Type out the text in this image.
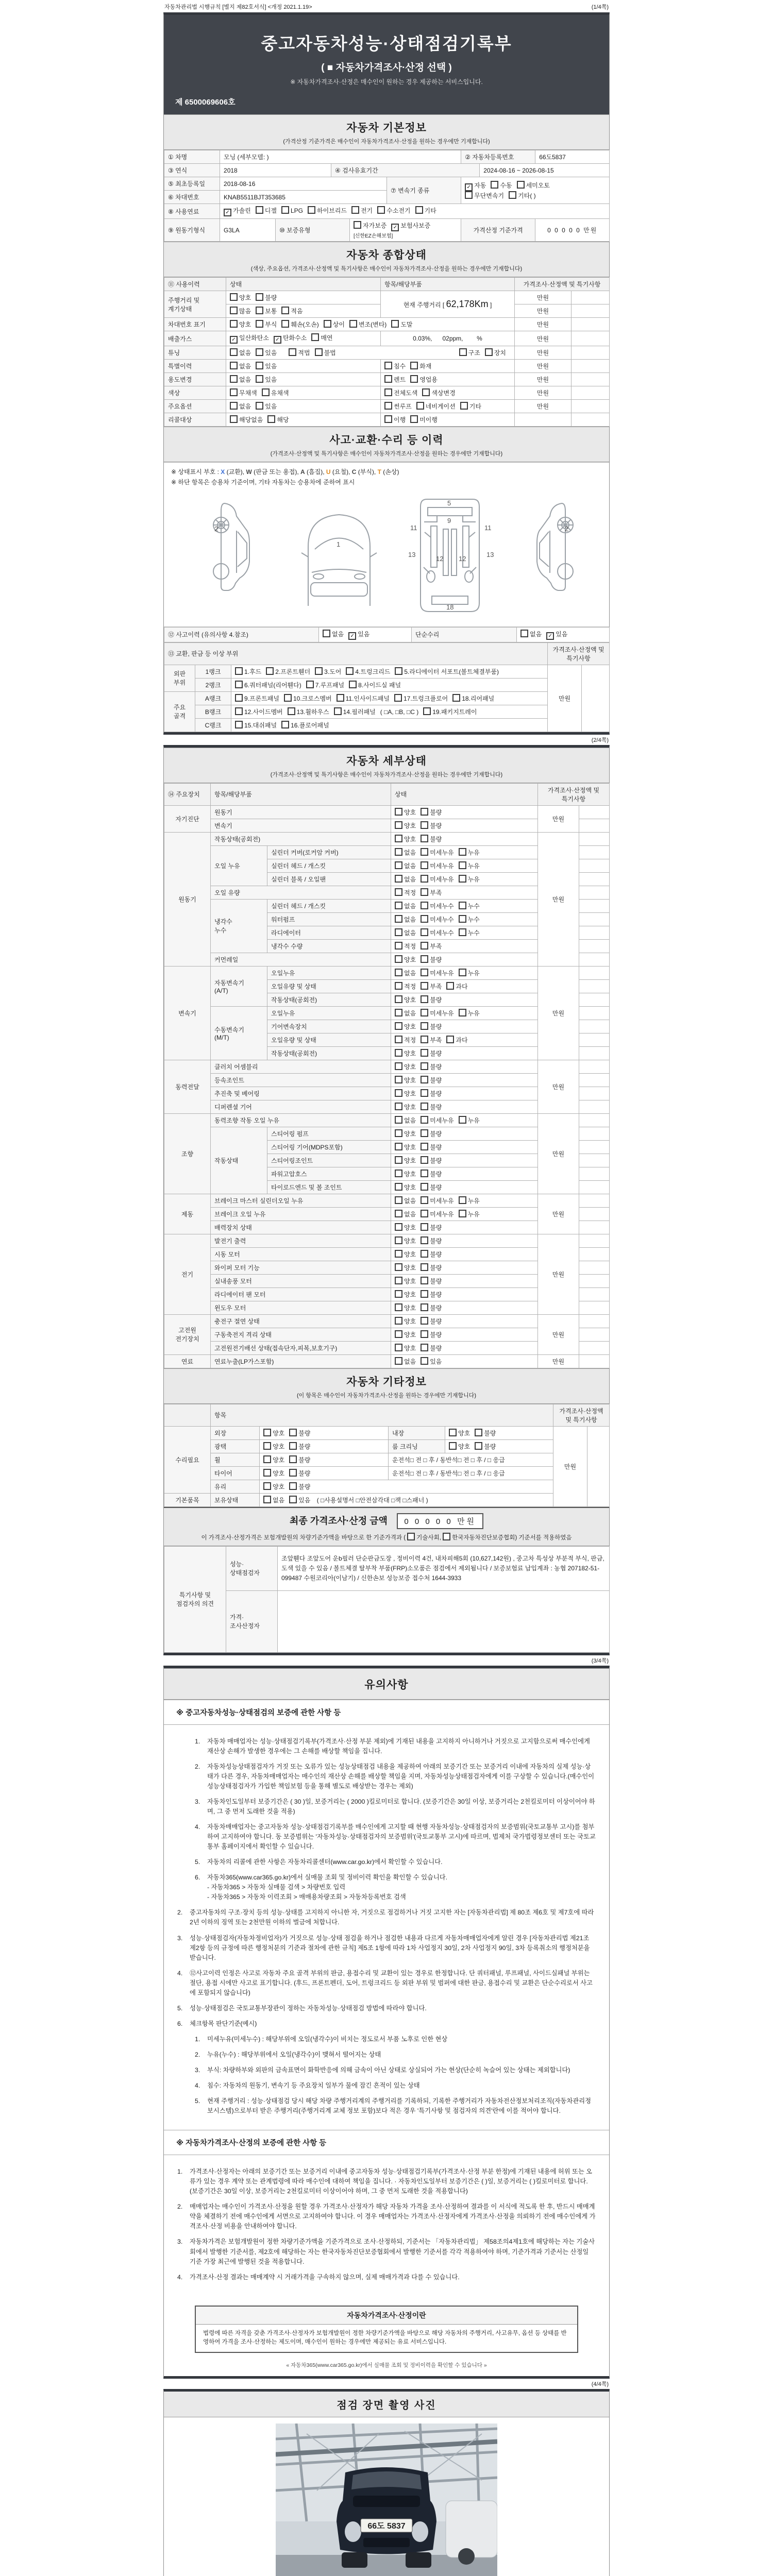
자동차관리법 시행규칙 [별지 제82호서식] <개정 2021.1.19>	(1/4쪽)
중고자동차성능·상태점검기록부
( ■ 자동차가격조사·산정 선택 )
※ 자동차가격조사·산정은 매수인이 원하는 경우 제공하는 서비스입니다.
제 6500069606호
자동차 기본정보
(가격산정 기준가격은 매수인이 자동차가격조사·산정을 원하는 경우에만 기재합니다)
① 차명	모닝 (세부모델: )					② 자동차등록번호		66도5837
③ 연식	2018		④ 검사유효기간				2024-08-16 ~ 2026-08-15	
⑤ 최초등록일	2018-08-16				⑦ 변속기 종류	✓ 자동 수동 세미오토
무단변속기 기타( )		
⑥ 차대번호	KNAB5511BJT353685							
⑧ 사용연료	✓ 가솔린 디젤 LPG 하이브리드 전기 수소전기 기타							
⑨ 원동기형식	G3LA	⑩ 보증유형		자가보증 ✓ 보험사보증 [신한EZ손해보험]		가격산정 기준가격		0 0 0 0 0 만원
자동차 종합상태
(색상, 주요옵션, 가격조사·산정액 및 특기사항은 매수인이 자동차가격조사·산정을 원하는 경우에만 기재합니다)
⑪ 사용이력	상태	항목/해당부품	가격조사·산정액 및 특기사항	
주행거리 및 계기상태	양호 불량	현재 주행거리 [ 62,178Km ]	만원	
	많음 보통 적음		만원	
차대번호 표기	양호 부식 훼손(오손) 상이 변조(변타) 도말		만원	
배출가스	✓ 일산화탄소 ✓ 탄화수소 매연	0.03%,      02ppm,        %	만원	
튜닝	없음 있음 적법 불법 구조 장치		만원	
특별이력	없음 있음	침수 화재	만원	
용도변경	없음 있음	렌트 영업용	만원	
색상	무채색 유채색	전체도색 색상변경	만원	
주요옵션	없음 있음	썬루프 네비게이션 기타	만원	
리콜대상	해당없음 해당	이행 미이행		
사고·교환·수리 등 이력
(가격조사·산정액 및 특기사항은 매수인이 자동차가격조사·산정을 원하는 경우에만 기재합니다)
※ 상태표시 부호 : X (교환), W (판금 또는 용접), A (흠집), U (요철), C (부식), T (손상)
※ 하단 항목은 승용차 기준이며, 기타 자동차는 승용차에 준하여 표시
2
1
5
9
11	11
13
12 12
13
18
2
⑫ 사고이력 (유의사항 4.참조)	없음 ✓ 있음	단순수리	없음 ✓ 있음
⑬ 교환, 판금 등 이상 부위			가격조사·산정액 및 특기사항	
외판
부위	1랭크	1.후드 2.프론트휀더 3.도어 4.트렁크리드 5.라디에이터 서포트(볼트체결부품)	만원	
	2랭크	6.쿼터패널(리어휀다) 7.루프패널 8.사이드실 패널		
주요
골격	A랭크	9.프론트패널 10.크로스멤버 11.인사이드패널 17.트렁크플로어 18.리어패널		
	B랭크	12.사이드멤버 13.휠하우스 14.필러패널 ( □A, □B, □C ) 19.패키지트레이		
	C랭크	15.대쉬패널 16.플로어패널		
(2/4쪽)
자동차 세부상태
(가격조사·산정액 및 특기사항은 매수인이 자동차가격조사·산정을 원하는 경우에만 기재합니다)
⑭ 주요장치	항목/해당부품		상태	가격조사·산정액 및 특기사항	
자기진단	원동기		양호 불량	만원	
	변속기		양호 불량		
원동기	작동상태(공회전)		양호 불량	만원	
	오일 누유	실린더 커버(로커암 커버)	없음 미세누유 누유		
		실린더 헤드 / 개스킷	없음 미세누유 누유		
		실린더 블록 / 오일팬	없음 미세누유 누유		
	오일 유량		적정 부족		
	냉각수
누수	실린더 헤드 / 개스킷	없음 미세누수 누수		
		워터펌프	없음 미세누수 누수		
		라디에이터	없음 미세누수 누수		
		냉각수 수량	적정 부족		
	커먼레일		양호 불량		
변속기	자동변속기
(A/T)	오일누유	없음 미세누유 누유	만원	
		오일유량 및 상태	적정 부족 과다		
		작동상태(공회전)	양호 불량		
	수동변속기
(M/T)	오일누유	없음 미세누유 누유		
		기어변속장치	양호 불량		
		오일유량 및 상태	적정 부족 과다		
		작동상태(공회전)	양호 불량		
동력전달	클러치 어셈블리		양호 불량	만원	
	등속조인트		양호 불량		
	추진축 및 베어링		양호 불량		
	디퍼렌셜 기어		양호 불량		
조향	동력조향 작동 오일 누유		없음 미세누유 누유	만원	
	작동상태	스티어링 펌프	양호 불량		
		스티어링 기어(MDPS포함)	양호 불량		
		스티어링조인트	양호 불량		
		파워고압호스	양호 불량		
		타이로드엔드 및 볼 조인트	양호 불량		
제동	브레이크 마스터 실린더오일 누유		없음 미세누유 누유	만원	
	브레이크 오일 누유		없음 미세누유 누유		
	배력장치 상태		양호 불량		
전기	발전기 출력		양호 불량	만원	
	시동 모터		양호 불량		
	와이퍼 모터 기능		양호 불량		
	실내송풍 모터		양호 불량		
	라디에이터 팬 모터		양호 불량		
	윈도우 모터		양호 불량		
고전원
전기장치	충전구 절연 상태		양호 불량	만원	
	구동축전지 격리 상태		양호 불량		
	고전원전기배선 상태(접속단자,피복,보호기구)		양호 불량		
연료	연료누출(LP가스포함)		없음 있음	만원	
자동차 기타정보
(이 항목은 매수인이 자동차가격조사·산정을 원하는 경우에만 기재합니다)
	항목				가격조사·산정액 및 특기사항	
수리필요	외장	양호 불량	내장	양호 불량	만원	
	광택	양호 불량	룸 크리닝	양호 불량		
	휠	양호 불량	운전석□ 전 □ 후 / 동반석□ 전 □ 후 / □ 응급			
	타이어	양호 불량	운전석□ 전 □ 후 / 동반석□ 전 □ 후 / □ 응급			
	유리	양호 불량				
기본품목	보유상태	없음 있음 ( □사용설명서 □안전삼각대 □잭 □스패너 )				
최종 가격조사·산정 금액 0 0 0 0 0 만원
이 가격조사·산정가격은 보험개발원의 차량기준가액을 바탕으로 한 기준가격과 ( 기술사회, 한국자동차진단보증협회) 기준서를 적용하였음
특기사항 및
점검자의 의견	성능·상태점검자	조앞휀다 조앞도어 운b필러 단순판금도장 , 정비이력 4건, 내차피해5회 (10,627,142원) , 중고차 특성상 부분적 부식, 판금, 도색 있을 수 있음 / 볼트체결 탈부착 부품(FRP)소모품은 점검에서 제외됩니다 / 보증보험료 납입계좌 : 농협 207182-51-099487 수원코리아(이남기) / 신한손보 성능보증 접수처 1644-3933
	가격·조사산정자	
(3/4쪽)
유의사항
※ 중고자동차성능·상태점검의 보증에 관한 사항 등
1.	자동차 매매업자는 성능·상태점검기록부(가격조사·산정 부분 제외)에 기재된 내용을 고지하지 아니하거나 거짓으로 고지함으로써 매수인에게 재산상 손해가 발생한 경우에는 그 손해를 배상할 책임을 집니다.
2.	자동차성능상태점검자가 거짓 또는 오류가 있는 성능상태점검 내용을 제공하여 아래의 보증기간 또는 보증거리 이내에 자동차의 실제 성능·상태가 다른 경우, 자동차매매업자는 매수인의 재산상 손해를 배상할 책임을 지며, 자동차성능상태점검자에게 이를 구상할 수 있습니다.(매수인이 성능상태점검자가 가입한 책임보험 등을 통해 별도로 배상받는 경우는 제외)
3.	자동차인도일부터 보증기간은 ( 30 )일, 보증거리는 ( 2000 )킬로미터로 합니다. (보증기간은 30일 이상, 보증거리는 2천킬로미터 이상이어야 하며, 그 중 먼저 도래한 것을 적용)
4.	자동차매매업자는 중고자동차 성능·상태점검기록부를 매수인에게 고지할 때 현행 자동차성능·상태점검자의 보증범위(국토교통부 고시)를 첨부하여 고지하여야 합니다. 동 보증범위는 '자동차성능·상태점검자의 보증범위'(국토교통부 고시)에 따르며, 법제처 국가법령정보센터 또는 국토교통부 홈페이지에서 확인할 수 있습니다.
5.	자동차의 리콜에 관한 사항은 자동차리콜센터(www.car.go.kr)에서 확인할 수 있습니다.
6.	자동차365(www.car365.go.kr)에서 실매물 조회 및 정비이력 확인을 확인할 수 있습니다.
- 자동차365 > 자동차 실매물 검색 > 차량번호 입력
- 자동차365 > 자동차 이력조회 > 매매용차량조회 > 자동차등록번호 검색
2.	중고자동차의 구조·장치 등의 성능·상태를 고지하지 아니한 자, 거짓으로 점검하거나 거짓 고지한 자는 [자동차관리법] 제 80조 제6호 및 제7호에 따라 2년 이하의 징역 또는 2천만원 이하의 벌금에 처합니다.
3.	성능·상태점검자(자동차정비업자)가 거짓으로 성능·상태 점검을 하거나 점검한 내용과 다르게 자동차매매업자에게 알린 경우 [자동차관리법 제21조 제2항 등의 규정에 따른 행정처분의 기준과 절차에 관한 규칙] 제5조 1항에 따라 1차 사업정지 30일, 2차 사업정지 90일, 3차 등록취소의 행정처분을 받습니다.
4.	⑫사고이력 인정은 사고로 자동차 주요 골격 부위의 판금, 용접수리 및 교환이 있는 경우로 한정합니다. 단 쿼터패널, 루프패널, 사이드실패널 부위는 절단, 용접 시에만 사고로 표기합니다. (후드, 프론트펜더, 도어, 트렁크리드 등 외판 부위 및 범퍼에 대한 판금, 용접수리 및 교환은 단순수리로서 사고에 포함되지 않습니다)
5.	성능·상태점검은 국토교통부장관이 정하는 자동차성능·상태점검 방법에 따라야 합니다.
6.	체크항목 판단기준(예시)
1.	미세누유(미세누수) : 해당부위에 오일(냉각수)이 비치는 정도로서 부품 노후로 인한 현상
2.	누유(누수) : 해당부위에서 오일(냉각수)이 맺혀서 떨어지는 상태
3.	부식: 차량하부와 외판의 금속표면이 화학반응에 의해 금속이 아닌 상태로 상실되어 가는 현상(단순히 녹슬어 있는 상태는 제외합니다)
4.	침수: 자동차의 원동기, 변속기 등 주요장치 일부가 물에 잠긴 흔적이 있는 상태
5.	현재 주행거리 : 성능·상태점검 당시 해당 차량 주행거리계의 주행거리를 기록하되, 기록한 주행거리가 자동차전산정보처리조직(자동차관리정보시스템)으로부터 받은 주행거리(주행거리계 교체 정보 포함)보다 적은 경우 '특기사항 및 점검자의 의견'란에 이를 적어야 합니다.
※ 자동차가격조사·산정의 보증에 관한 사항 등
1.	가격조사·산정자는 아래의 보증기간 또는 보증거리 이내에 중고자동차 성능·상태점검기록부(가격조사·산정 부분 한정)에 기재된 내용에 허위 또는 오류가 있는 경우 계약 또는 관계법령에 따라 매수인에 대하여 책임을 집니다. · 자동차인도일부터 보증기간은 ( )일, 보증거리는 ( )킬로미터로 합니다. (보증기간은 30일 이상, 보증거리는 2천킬로미터 이상이어야 하며, 그 중 먼저 도래한 것을 적용합니다)
2.	매매업자는 매수인이 가격조사·산정을 원할 경우 가격조사·산정자가 해당 자동차 가격을 조사·산정하여 결과를 이 서식에 적도록 한 후, 반드시 매매계약을 체결하기 전에 매수인에게 서면으로 고지하여야 합니다. 이 경우 매매업자는 가격조사·산정자에게 가격조사·산정을 의뢰하기 전에 매수인에게 가격조사·산정 비용을 안내하여야 합니다.
3.	자동차가격은 보험개발원이 정한 차량기준가액을 기준가격으로 조사·산정하되, 기준서는 「자동차관리법」 제58조의4제1호에 해당하는 자는 기술사회에서 발행한 기준서를, 제2호에 해당하는 자는 한국자동차진단보증협회에서 발행한 기준서를 각각 적용하여야 하며, 기준가격과 기준서는 산정일 기준 가장 최근에 발행된 것을 적용합니다.
4.	가격조사·산정 결과는 매매계약 시 거래가격을 구속하지 않으며, 실제 매매가격과 다를 수 있습니다.
자동차가격조사·산정이란
법령에 따른 자격을 갖춘 가격조사·산정자가 보험개발원이 정한 차량기준가액을 바탕으로 해당 자동차의 주행거리, 사고유무, 옵션 등 상태를 반영하여 가격을 조사·산정하는 제도이며, 매수인이 원하는 경우에만 제공되는 유료 서비스입니다.
« 자동차365(www.car365.go.kr)에서 실매물 조회 및 정비이력을 확인할 수 있습니다 »
(4/4쪽)
점검 장면 촬영 사진
66도 5837
